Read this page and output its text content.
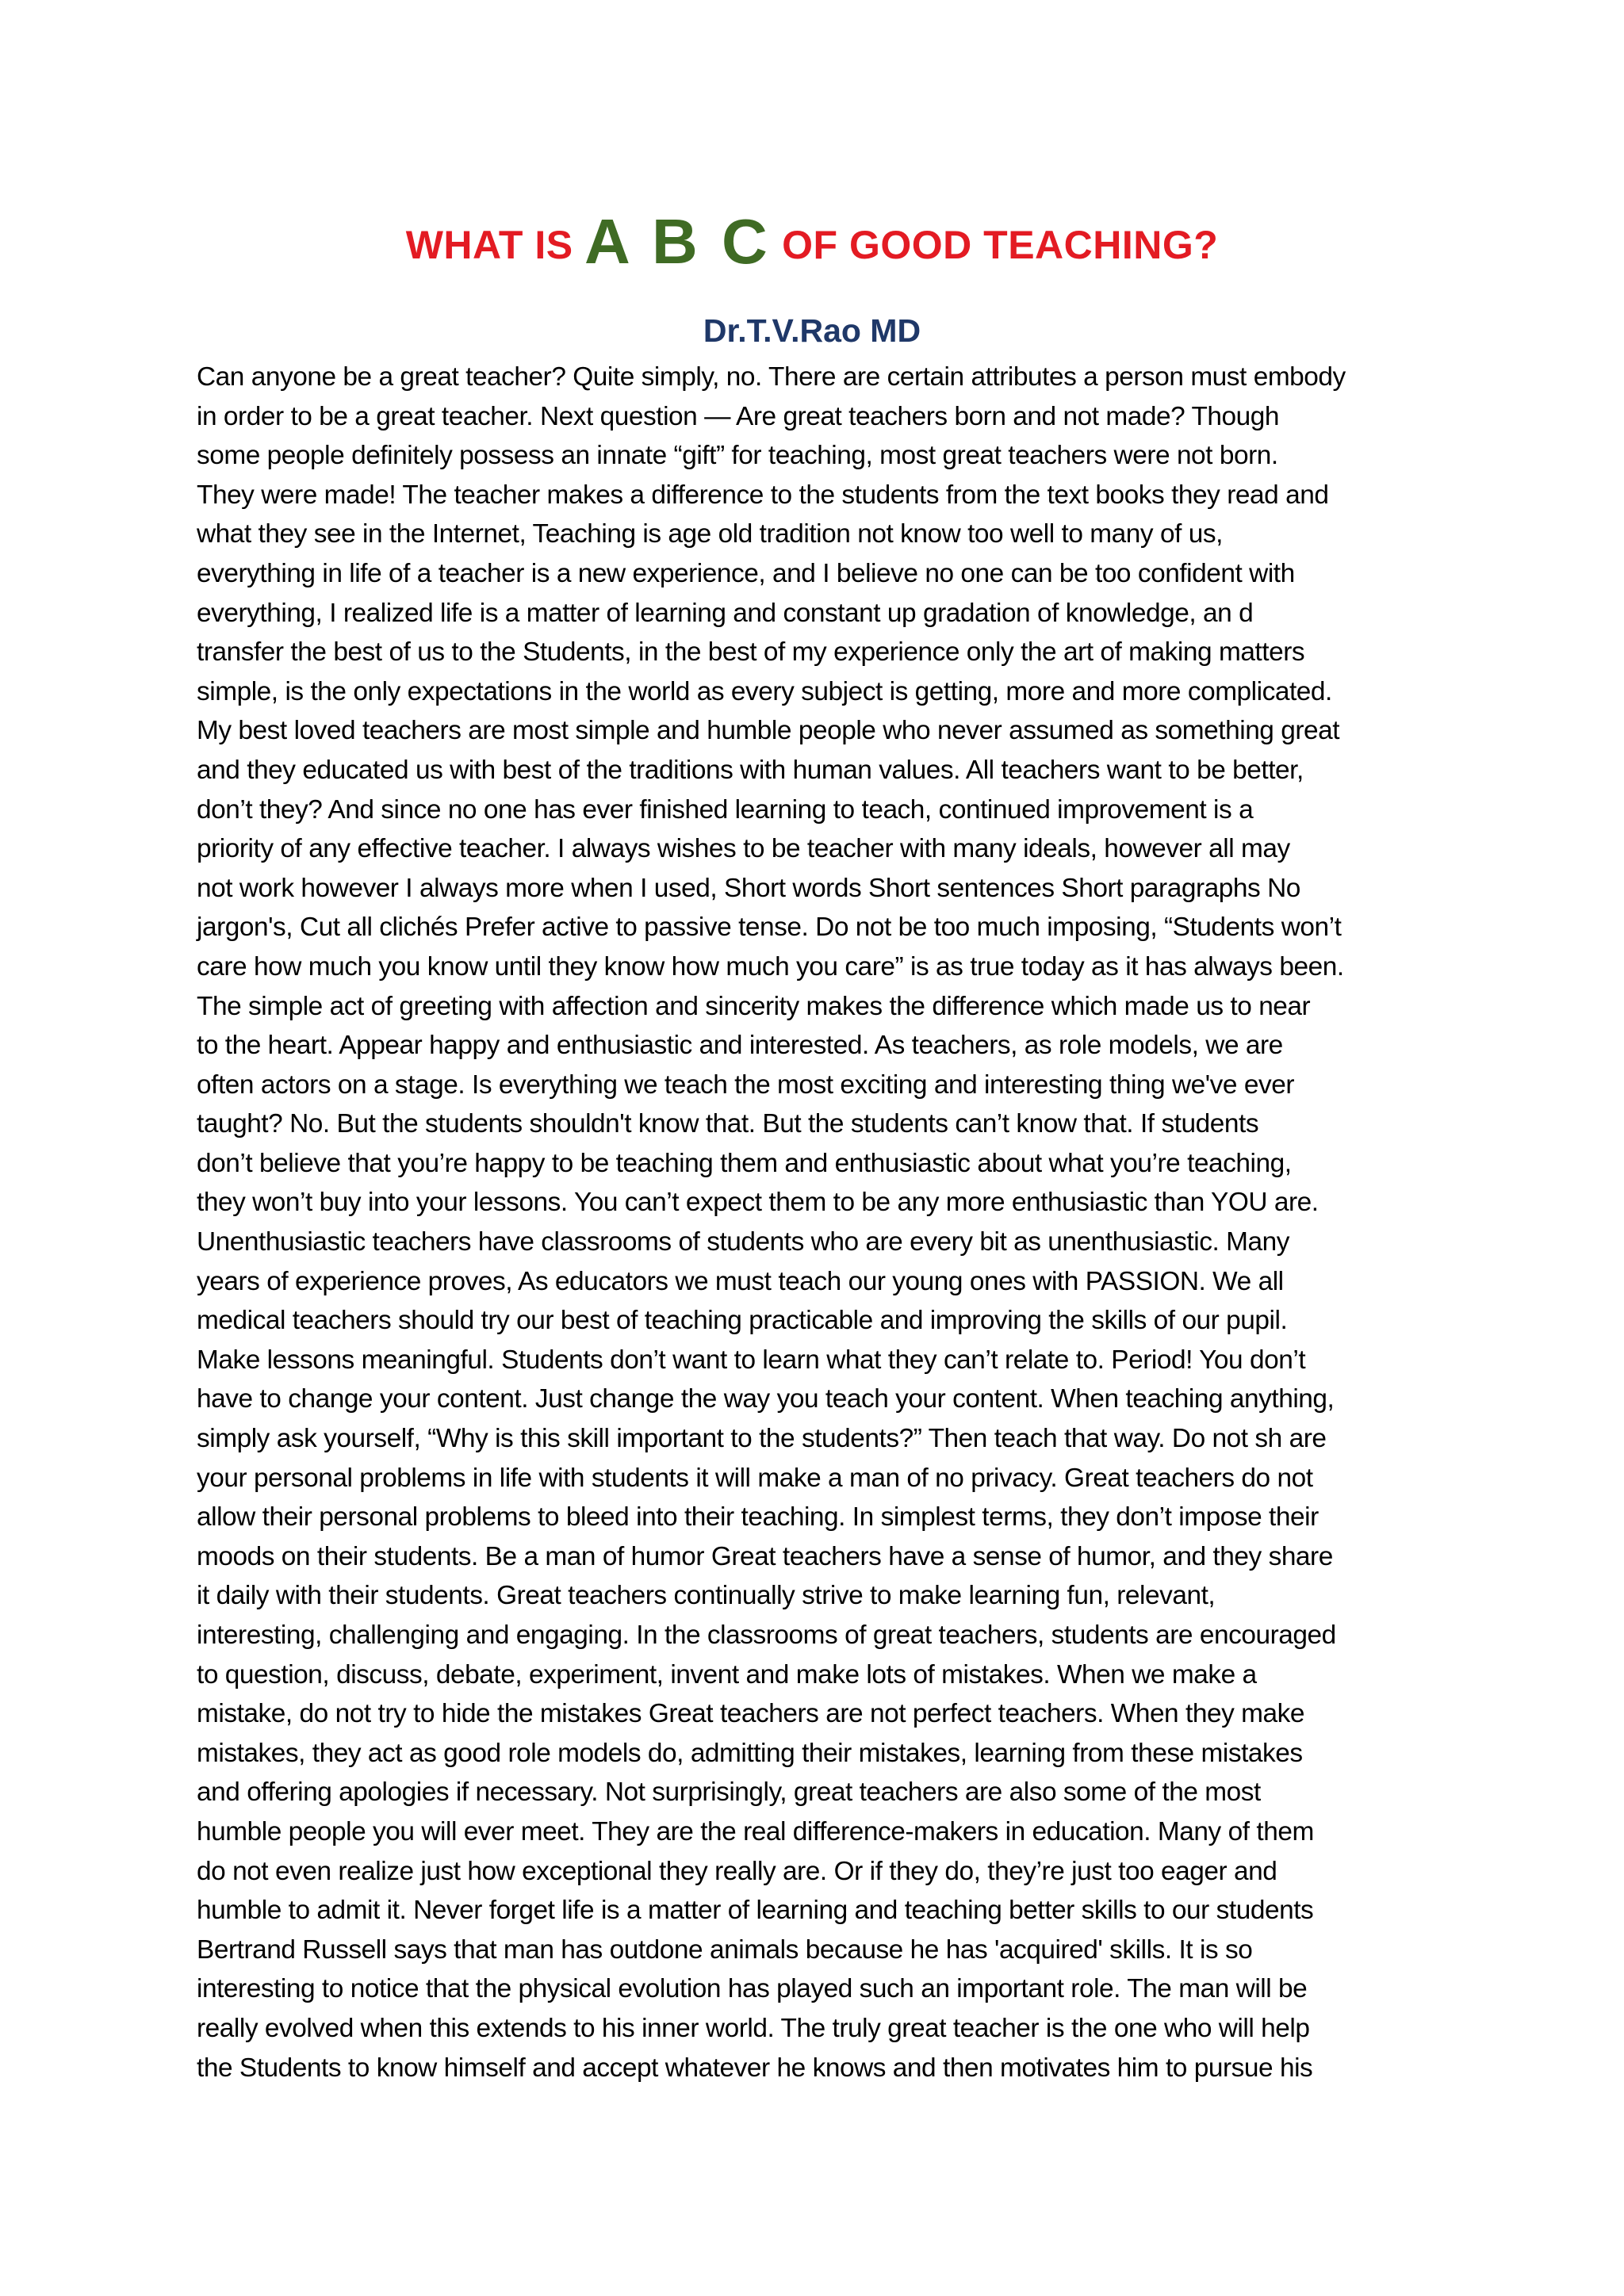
WHAT IS A B C OF GOOD TEACHING?
Dr.T.V.Rao MD
Can anyone be a great teacher? Quite simply, no. There are certain attributes a person must embody
in order to be a great teacher. Next question — Are great teachers born and not made? Though
some people definitely possess an innate “gift” for teaching, most great teachers were not born.
They were made! The teacher makes a difference to the students from the text books they read and
what they see in the Internet, Teaching is age old tradition not know too well to many of us,
everything in life of a teacher is a new experience, and I believe no one can be too confident with
everything, I realized life is a matter of learning and constant up gradation of knowledge, an d
transfer the best of us to the Students, in the best of my experience only the art of making matters
simple, is the only expectations in the world as every subject is getting, more and more complicated.
My best loved teachers are most simple and humble people who never assumed as something great
and they educated us with best of the traditions with human values. All teachers want to be better,
don’t they? And since no one has ever finished learning to teach, continued improvement is a
priority of any effective teacher. I always wishes to be teacher with many ideals, however all may
not work however I always more when I used, Short words Short sentences Short paragraphs No
jargon's, Cut all clichés Prefer active to passive tense. Do not be too much imposing, “Students won’t
care how much you know until they know how much you care” is as true today as it has always been.
The simple act of greeting with affection and sincerity makes the difference which made us to near
to the heart. Appear happy and enthusiastic and interested. As teachers, as role models, we are
often actors on a stage. Is everything we teach the most exciting and interesting thing we've ever
taught? No. But the students shouldn't know that. But the students can’t know that. If students
don’t believe that you’re happy to be teaching them and enthusiastic about what you’re teaching,
they won’t buy into your lessons. You can’t expect them to be any more enthusiastic than YOU are.
Unenthusiastic teachers have classrooms of students who are every bit as unenthusiastic. Many
years of experience proves, As educators we must teach our young ones with PASSION. We all
medical teachers should try our best of teaching practicable and improving the skills of our pupil.
Make lessons meaningful. Students don’t want to learn what they can’t relate to. Period! You don’t
have to change your content. Just change the way you teach your content. When teaching anything,
simply ask yourself, “Why is this skill important to the students?” Then teach that way. Do not sh are
your personal problems in life with students it will make a man of no privacy. Great teachers do not
allow their personal problems to bleed into their teaching. In simplest terms, they don’t impose their
moods on their students. Be a man of humor Great teachers have a sense of humor, and they share
it daily with their students. Great teachers continually strive to make learning fun, relevant,
interesting, challenging and engaging. In the classrooms of great teachers, students are encouraged
to question, discuss, debate, experiment, invent and make lots of mistakes. When we make a
mistake, do not try to hide the mistakes Great teachers are not perfect teachers. When they make
mistakes, they act as good role models do, admitting their mistakes, learning from these mistakes
and offering apologies if necessary. Not surprisingly, great teachers are also some of the most
humble people you will ever meet. They are the real difference-makers in education. Many of them
do not even realize just how exceptional they really are. Or if they do, they’re just too eager and
humble to admit it. Never forget life is a matter of learning and teaching better skills to our students
Bertrand Russell says that man has outdone animals because he has 'acquired' skills. It is so
interesting to notice that the physical evolution has played such an important role. The man will be
really evolved when this extends to his inner world. The truly great teacher is the one who will help
the Students to know himself and accept whatever he knows and then motivates him to pursue his
